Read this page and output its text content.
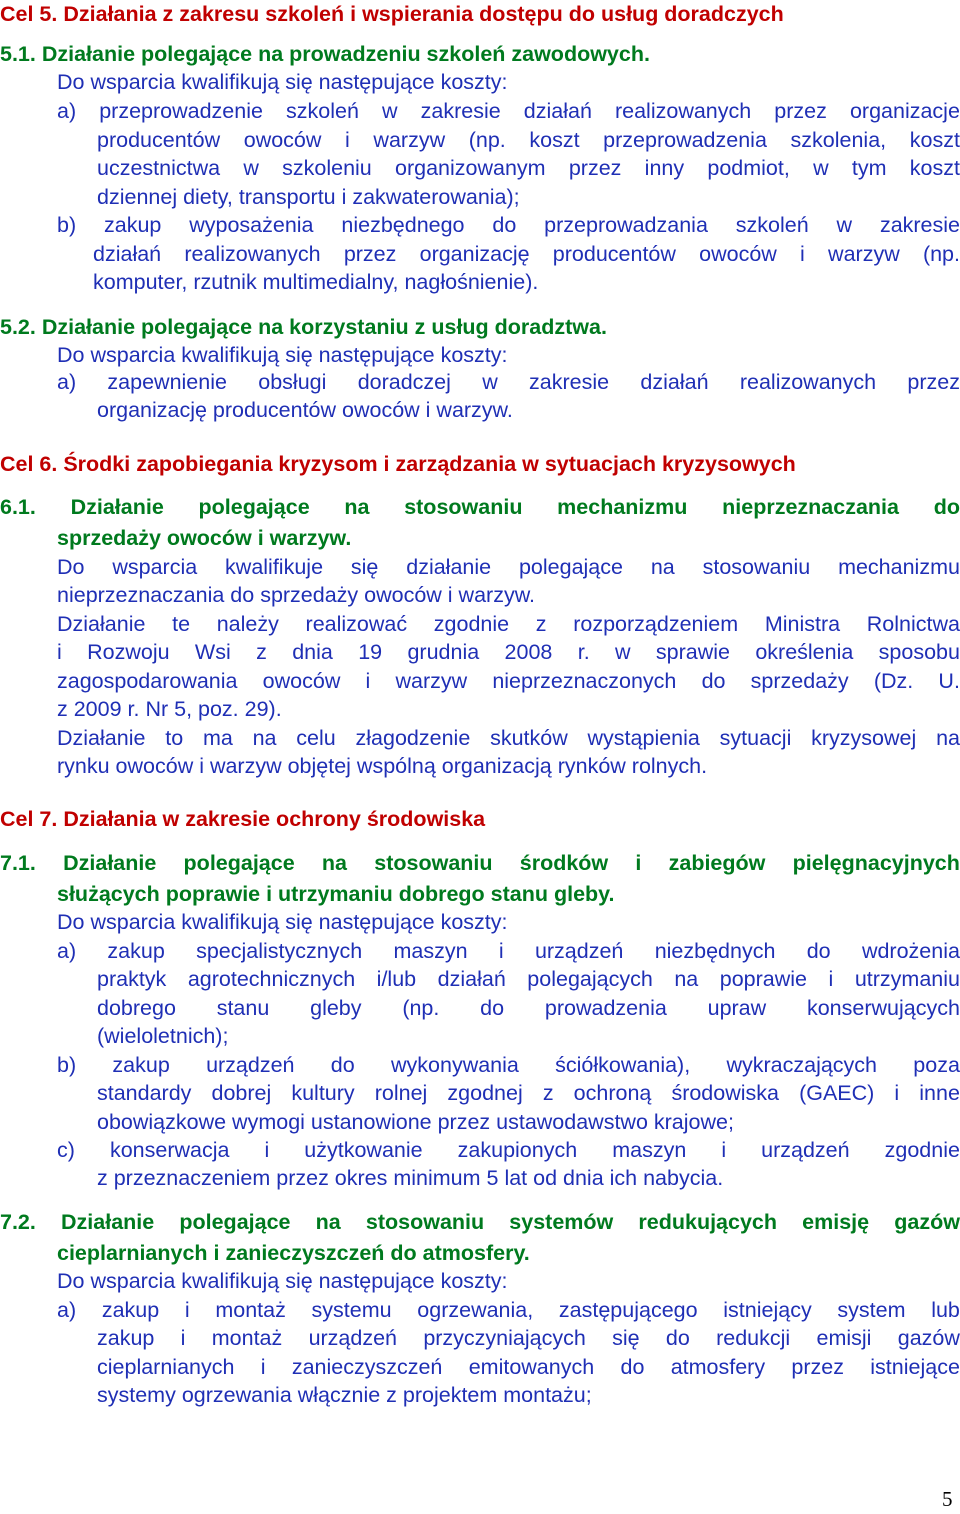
Cel 5. Działania z zakresu szkoleń i wspierania dostępu do usług doradczych
5.1. Działanie polegające na prowadzeniu szkoleń zawodowych.
Do wsparcia kwalifikują się następujące koszty:
a) przeprowadzenie szkoleń w zakresie działań realizowanych przez organizacje
producentów owoców i warzyw (np. koszt przeprowadzenia szkolenia, koszt
uczestnictwa w szkoleniu organizowanym przez inny podmiot, w tym koszt
dziennej diety, transportu i zakwaterowania);
b) zakup wyposażenia niezbędnego do przeprowadzania szkoleń w zakresie
działań realizowanych przez organizację producentów owoców i warzyw (np.
komputer, rzutnik multimedialny, nagłośnienie).
5.2. Działanie polegające na korzystaniu z usług doradztwa.
Do wsparcia kwalifikują się następujące koszty:
a) zapewnienie obsługi doradczej w zakresie działań realizowanych przez
organizację producentów owoców i warzyw.
Cel 6. Środki zapobiegania kryzysom i zarządzania w sytuacjach kryzysowych
6.1. Działanie polegające na stosowaniu mechanizmu nieprzeznaczania do
sprzedaży owoców i warzyw.
Do wsparcia kwalifikuje się działanie polegające na stosowaniu mechanizmu
nieprzeznaczania do sprzedaży owoców i warzyw.
Działanie te należy realizować zgodnie z rozporządzeniem Ministra Rolnictwa
i Rozwoju Wsi z dnia 19 grudnia 2008 r. w sprawie określenia sposobu
zagospodarowania owoców i warzyw nieprzeznaczonych do sprzedaży (Dz. U.
z 2009 r. Nr 5, poz. 29).
Działanie to ma na celu złagodzenie skutków wystąpienia sytuacji kryzysowej na
rynku owoców i warzyw objętej wspólną organizacją rynków rolnych.
Cel 7. Działania w zakresie ochrony środowiska
7.1. Działanie polegające na stosowaniu środków i zabiegów pielęgnacyjnych
służących poprawie i utrzymaniu dobrego stanu gleby.
Do wsparcia kwalifikują się następujące koszty:
a) zakup specjalistycznych maszyn i urządzeń niezbędnych do wdrożenia
praktyk agrotechnicznych i/lub działań polegających na poprawie i utrzymaniu
dobrego stanu gleby (np. do prowadzenia upraw konserwujących
(wieloletnich);
b) zakup urządzeń do wykonywania ściółkowania), wykraczających poza
standardy dobrej kultury rolnej zgodnej z ochroną środowiska (GAEC) i inne
obowiązkowe wymogi ustanowione przez ustawodawstwo krajowe;
c) konserwacja i użytkowanie zakupionych maszyn i urządzeń zgodnie
z przeznaczeniem przez okres minimum 5 lat od dnia ich nabycia.
7.2. Działanie polegające na stosowaniu systemów redukujących emisję gazów
cieplarnianych i zanieczyszczeń do atmosfery.
Do wsparcia kwalifikują się następujące koszty:
a) zakup i montaż systemu ogrzewania, zastępującego istniejący system lub
zakup i montaż urządzeń przyczyniających się do redukcji emisji gazów
cieplarnianych i zanieczyszczeń emitowanych do atmosfery przez istniejące
systemy ogrzewania włącznie z projektem montażu;
5
